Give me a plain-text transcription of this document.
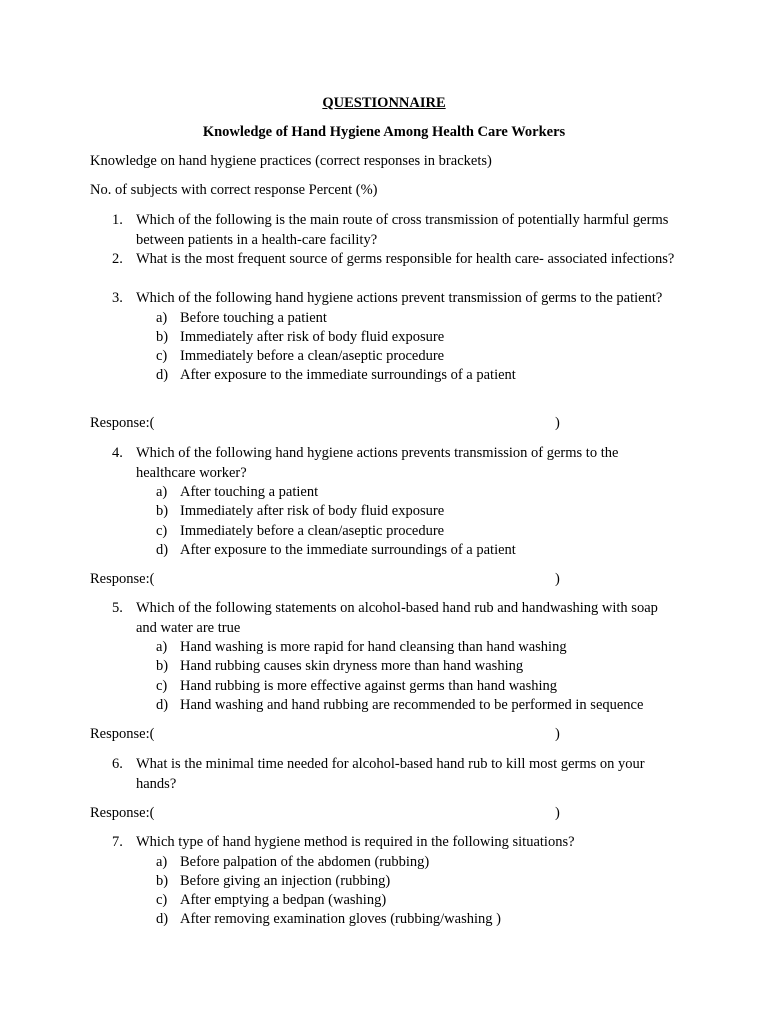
QUESTIONNAIRE
Knowledge of Hand Hygiene Among Health Care Workers
Knowledge on hand hygiene practices (correct responses in brackets)
No. of subjects with correct response Percent (%)
1. Which of the following is the main route of cross transmission of potentially harmful germs between patients in a health-care facility?
2. What is the most frequent source of germs responsible for health care- associated infections?
3. Which of the following hand hygiene actions prevent transmission of germs to the patient?
a) Before touching a patient
b) Immediately after risk of body fluid exposure
c) Immediately before a clean/aseptic procedure
d) After exposure to the immediate surroundings of a patient
Response:(	)
4. Which of the following hand hygiene actions prevents transmission of germs to the healthcare worker?
a) After touching a patient
b) Immediately after risk of body fluid exposure
c) Immediately before a clean/aseptic procedure
d) After exposure to the immediate surroundings of a patient
Response:(	)
5. Which of the following statements on alcohol-based hand rub and handwashing with soap and water are true
a) Hand washing is more rapid for hand cleansing than hand washing
b) Hand rubbing causes skin dryness more than hand washing
c) Hand rubbing is more effective against germs than hand washing
d) Hand washing and hand rubbing are recommended to be performed in sequence
Response:(	)
6. What is the minimal time needed for alcohol-based hand rub to kill most germs on your hands?
Response:(	)
7. Which type of hand hygiene method is required in the following situations?
a) Before palpation of the abdomen (rubbing)
b) Before giving an injection (rubbing)
c) After emptying a bedpan (washing)
d) After removing examination gloves (rubbing/washing )
